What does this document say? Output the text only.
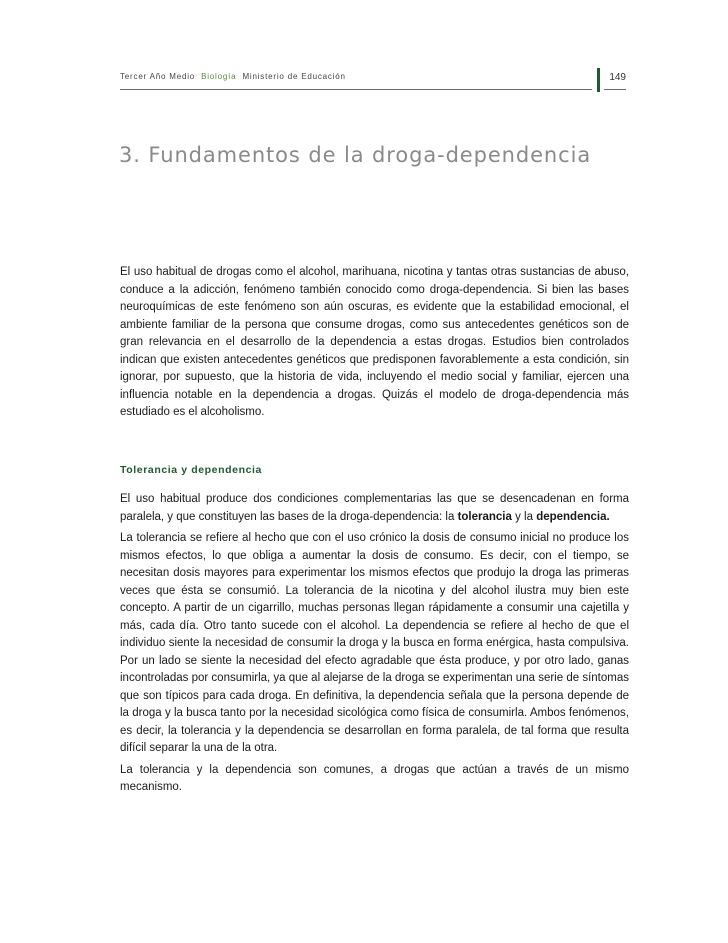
Tercer Año Medio Biología Ministerio de Educación	149
3. Fundamentos de la droga-dependencia

El uso habitual de drogas como el alcohol, marihuana, nicotina y tantas otras sustancias de abuso, conduce a la adicción, fenómeno también conocido como droga-dependencia. Si bien las bases neuroquímicas de este fenómeno son aún oscuras, es evidente que la estabilidad emocional, el ambiente familiar de la persona que consume drogas, como sus antecedentes genéticos son de gran relevancia en el desarrollo de la dependencia a estas drogas. Estudios bien controlados indican que existen antecedentes genéticos que predisponen favorablemente a esta condición, sin ignorar, por supuesto, que la historia de vida, incluyendo el medio social y familiar, ejercen una influencia notable en la dependencia a drogas. Quizás el modelo de droga-dependencia más estudiado es el alcoholismo.

Tolerancia y dependencia

El uso habitual produce dos condiciones complementarias las que se desencadenan en forma paralela, y que constituyen las bases de la droga-dependencia: la tolerancia y la dependencia.

La tolerancia se refiere al hecho que con el uso crónico la dosis de consumo inicial no produce los mismos efectos, lo que obliga a aumentar la dosis de consumo. Es decir, con el tiempo, se necesitan dosis mayores para experimentar los mismos efectos que produjo la droga las primeras veces que ésta se consumió. La tolerancia de la nicotina y del alcohol ilustra muy bien este concepto. A partir de un cigarrillo, muchas personas llegan rápidamente a consumir una cajetilla y más, cada día. Otro tanto sucede con el alcohol. La dependencia se refiere al hecho de que el individuo siente la necesidad de consumir la droga y la busca en forma enérgica, hasta compulsiva. Por un lado se siente la necesidad del efecto agradable que ésta produce, y por otro lado, ganas incontroladas por consumirla, ya que al alejarse de la droga se experimentan una serie de síntomas que son típicos para cada droga. En definitiva, la dependencia señala que la persona depende de la droga y la busca tanto por la necesidad sicológica como física de consumirla. Ambos fenómenos, es decir, la tolerancia y la dependencia se desarrollan en forma paralela, de tal forma que resulta difícil separar la una de la otra.

La tolerancia y la dependencia son comunes, a drogas que actúan a través de un mismo mecanismo.
